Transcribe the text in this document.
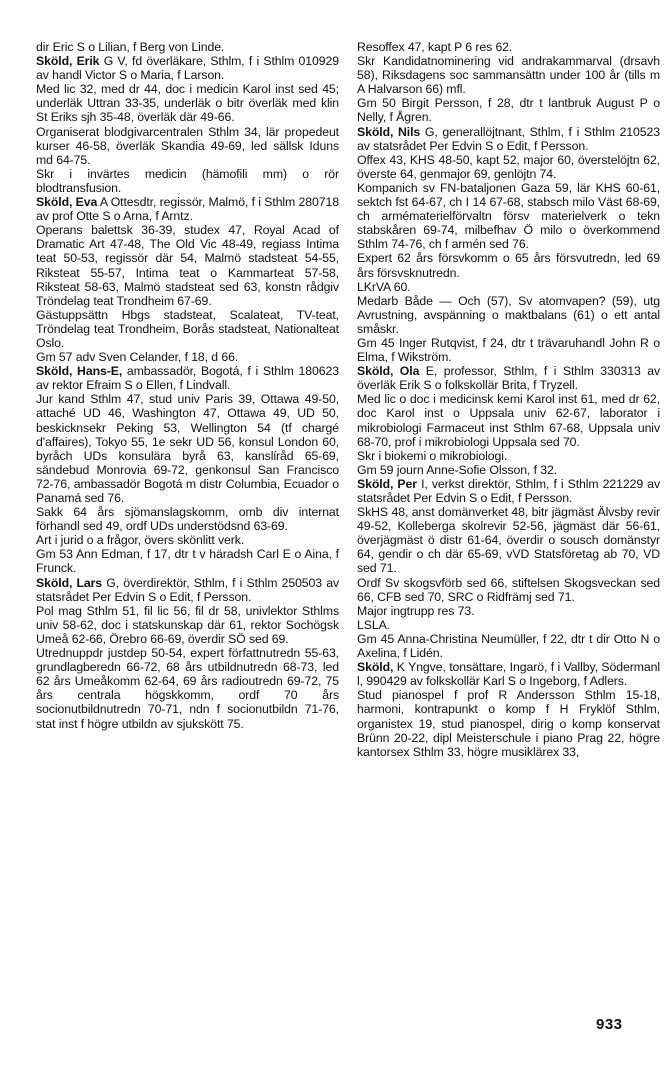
dir Eric S o Lilian, f Berg von Linde.

Sköld, Erik G V, fd överläkare, Sthlm, f i Sthlm 010929 av handl Victor S o Maria, f Larson.

Med lic 32, med dr 44, doc i medicin Karol inst sed 45; underläk Uttran 33-35, underläk o bitr överläk med klin St Eriks sjh 35-48, överläk där 49-66.

Organiserat blodgivarcentralen Sthlm 34, lär propedeut kurser 46-58, överläk Skandia 49-69, led sällsk Iduns md 64-75.

Skr i invärtes medicin (hämofili mm) o rör blodtransfusion.

Sköld, Eva A Ottesdtr, regissör, Malmö, f i Sthlm 280718 av prof Otte S o Arna, f Arntz.

Operans balettsk 36-39, studex 47, Royal Acad of Dramatic Art 47-48, The Old Vic 48-49, regiass Intima teat 50-53, regissör där 54, Malmö stadsteat 54-55, Riksteat 55-57, Intima teat o Kammarteat 57-58, Riksteat 58-63, Malmö stadsteat sed 63, konstn rådgiv Tröndelag teat Trondheim 67-69.

Gästuppsättn Hbgs stadsteat, Scalateat, TV-teat, Tröndelag teat Trondheim, Borås stadsteat, Nationalteat Oslo.

Gm 57 adv Sven Celander, f 18, d 66.

Sköld, Hans-E, ambassadör, Bogotá, f i Sthlm 180623 av rektor Efraim S o Ellen, f Lindvall.

Jur kand Sthlm 47, stud univ Paris 39, Ottawa 49-50, attaché UD 46, Washington 47, Ottawa 49, UD 50, beskicknsekr Peking 53, Wellington 54 (tf chargé d'affaires), Tokyo 55, 1e sekr UD 56, konsul London 60, byråch UDs konsulära byrå 63, kanslίråd 65-69, sändebud Monrovia 69-72, genkonsul San Francisco 72-76, ambassadör Bogotá m distr Columbia, Ecuador o Panamá sed 76.

Sakk 64 års sjömanslagskomm, omb div internat förhandl sed 49, ordf UDs understödsnd 63-69.

Art i jurid o a frågor, övers skönlitt verk.

Gm 53 Ann Edman, f 17, dtr t v häradsh Carl E o Aina, f Frunck.

Sköld, Lars G, överdirektör, Sthlm, f i Sthlm 250503 av statsrådet Per Edvin S o Edit, f Persson.

Pol mag Sthlm 51, fil lic 56, fil dr 58, univlektor Sthlms univ 58-62, doc i statskunskap där 61, rektor Sochögsk Umeå 62-66, Örebro 66-69, överdir SÖ sed 69.

Utrednuppdr justdep 50-54, expert författnutredn 55-63, grundlagberedn 66-72, 68 års utbildnutredn 68-73, led 62 års Umeåkomm 62-64, 69 års radioutredn 69-72, 75 års centrala högskkomm, ordf 70 års socionutbildnutredn 70-71, ndn f socionutbildn 71-76, stat inst f högre utbildn av sjukskött 75.

Resoffex 47, kapt P 6 res 62.

Skr Kandidatnominering vid andrakammarval (drsavh 58), Riksdagens soc sammansättn under 100 år (tills m A Halvarson 66) mfl.

Gm 50 Birgit Persson, f 28, dtr t lantbruk August P o Nelly, f Ågren.

Sköld, Nils G, generallöjtnant, Sthlm, f i Sthlm 210523 av statsrådet Per Edvin S o Edit, f Persson.

Offex 43, KHS 48-50, kapt 52, major 60, överstelöjtn 62, överste 64, genmajor 69, genlöjtn 74.

Kompanich sv FN-bataljonen Gaza 59, lär KHS 60-61, sektch fst 64-67, ch I 14 67-68, stabsch milo Väst 68-69, ch armématerielförvaltn försv materielverk o tekn stabskåren 69-74, milbefhav Ö milo o överkommend Sthlm 74-76, ch f armén sed 76.

Expert 62 års försvkomm o 65 års försvutredn, led 69 års försvsknutredn.

LKrVA 60.

Medarb Både — Och (57), Sv atomvapen? (59), utg Avrustning, avspänning o maktbalans (61) o ett antal småskr.

Gm 45 Inger Rutqvist, f 24, dtr t trävaruhandl John R o Elma, f Wikström.

Sköld, Ola E, professor, Sthlm, f i Sthlm 330313 av överläk Erik S o folkskollär Brita, f Tryzell.

Med lic o doc i medicinsk kemi Karol inst 61, med dr 62, doc Karol inst o Uppsala univ 62-67, laborator i mikrobiologi Farmaceut inst Sthlm 67-68, Uppsala univ 68-70, prof i mikrobiologi Uppsala sed 70.

Skr i biokemi o mikrobiologi.

Gm 59 journ Anne-Sofie Olsson, f 32.

Sköld, Per I, verkst direktör, Sthlm, f i Sthlm 221229 av statsrådet Per Edvin S o Edit, f Persson.

SkHS 48, anst domänverket 48, bitr jägmäst Älvsby revir 49-52, Kolleberga skolrevir 52-56, jägmäst där 56-61, överjägmäst ö distr 61-64, överdir o sousch domänstyr 64, gendir o ch där 65-69, vVD Statsföretag ab 70, VD sed 71.

Ordf Sv skogsvförb sed 66, stiftelsen Skogsveckan sed 66, CFB sed 70, SRC o Ridfrämj sed 71.

Major ingtrupp res 73.

LSLA.

Gm 45 Anna-Christina Neumüller, f 22, dtr t dir Otto N o Axelina, f Lidén.

Sköld, K Yngve, tonsättare, Ingarö, f i Vallby, Södermanl l, 990429 av folkskollär Karl S o Ingeborg, f Adlers.

Stud pianospel f prof R Andersson Sthlm 15-18, harmoni, kontrapunkt o komp f H Fryklöf Sthlm, organistex 19, stud pianospel, dirig o komp konservat Brünn 20-22, dipl Meisterschule i piano Prag 22, högre kantorsex Sthlm 33, högre musiklärex 33,

933
